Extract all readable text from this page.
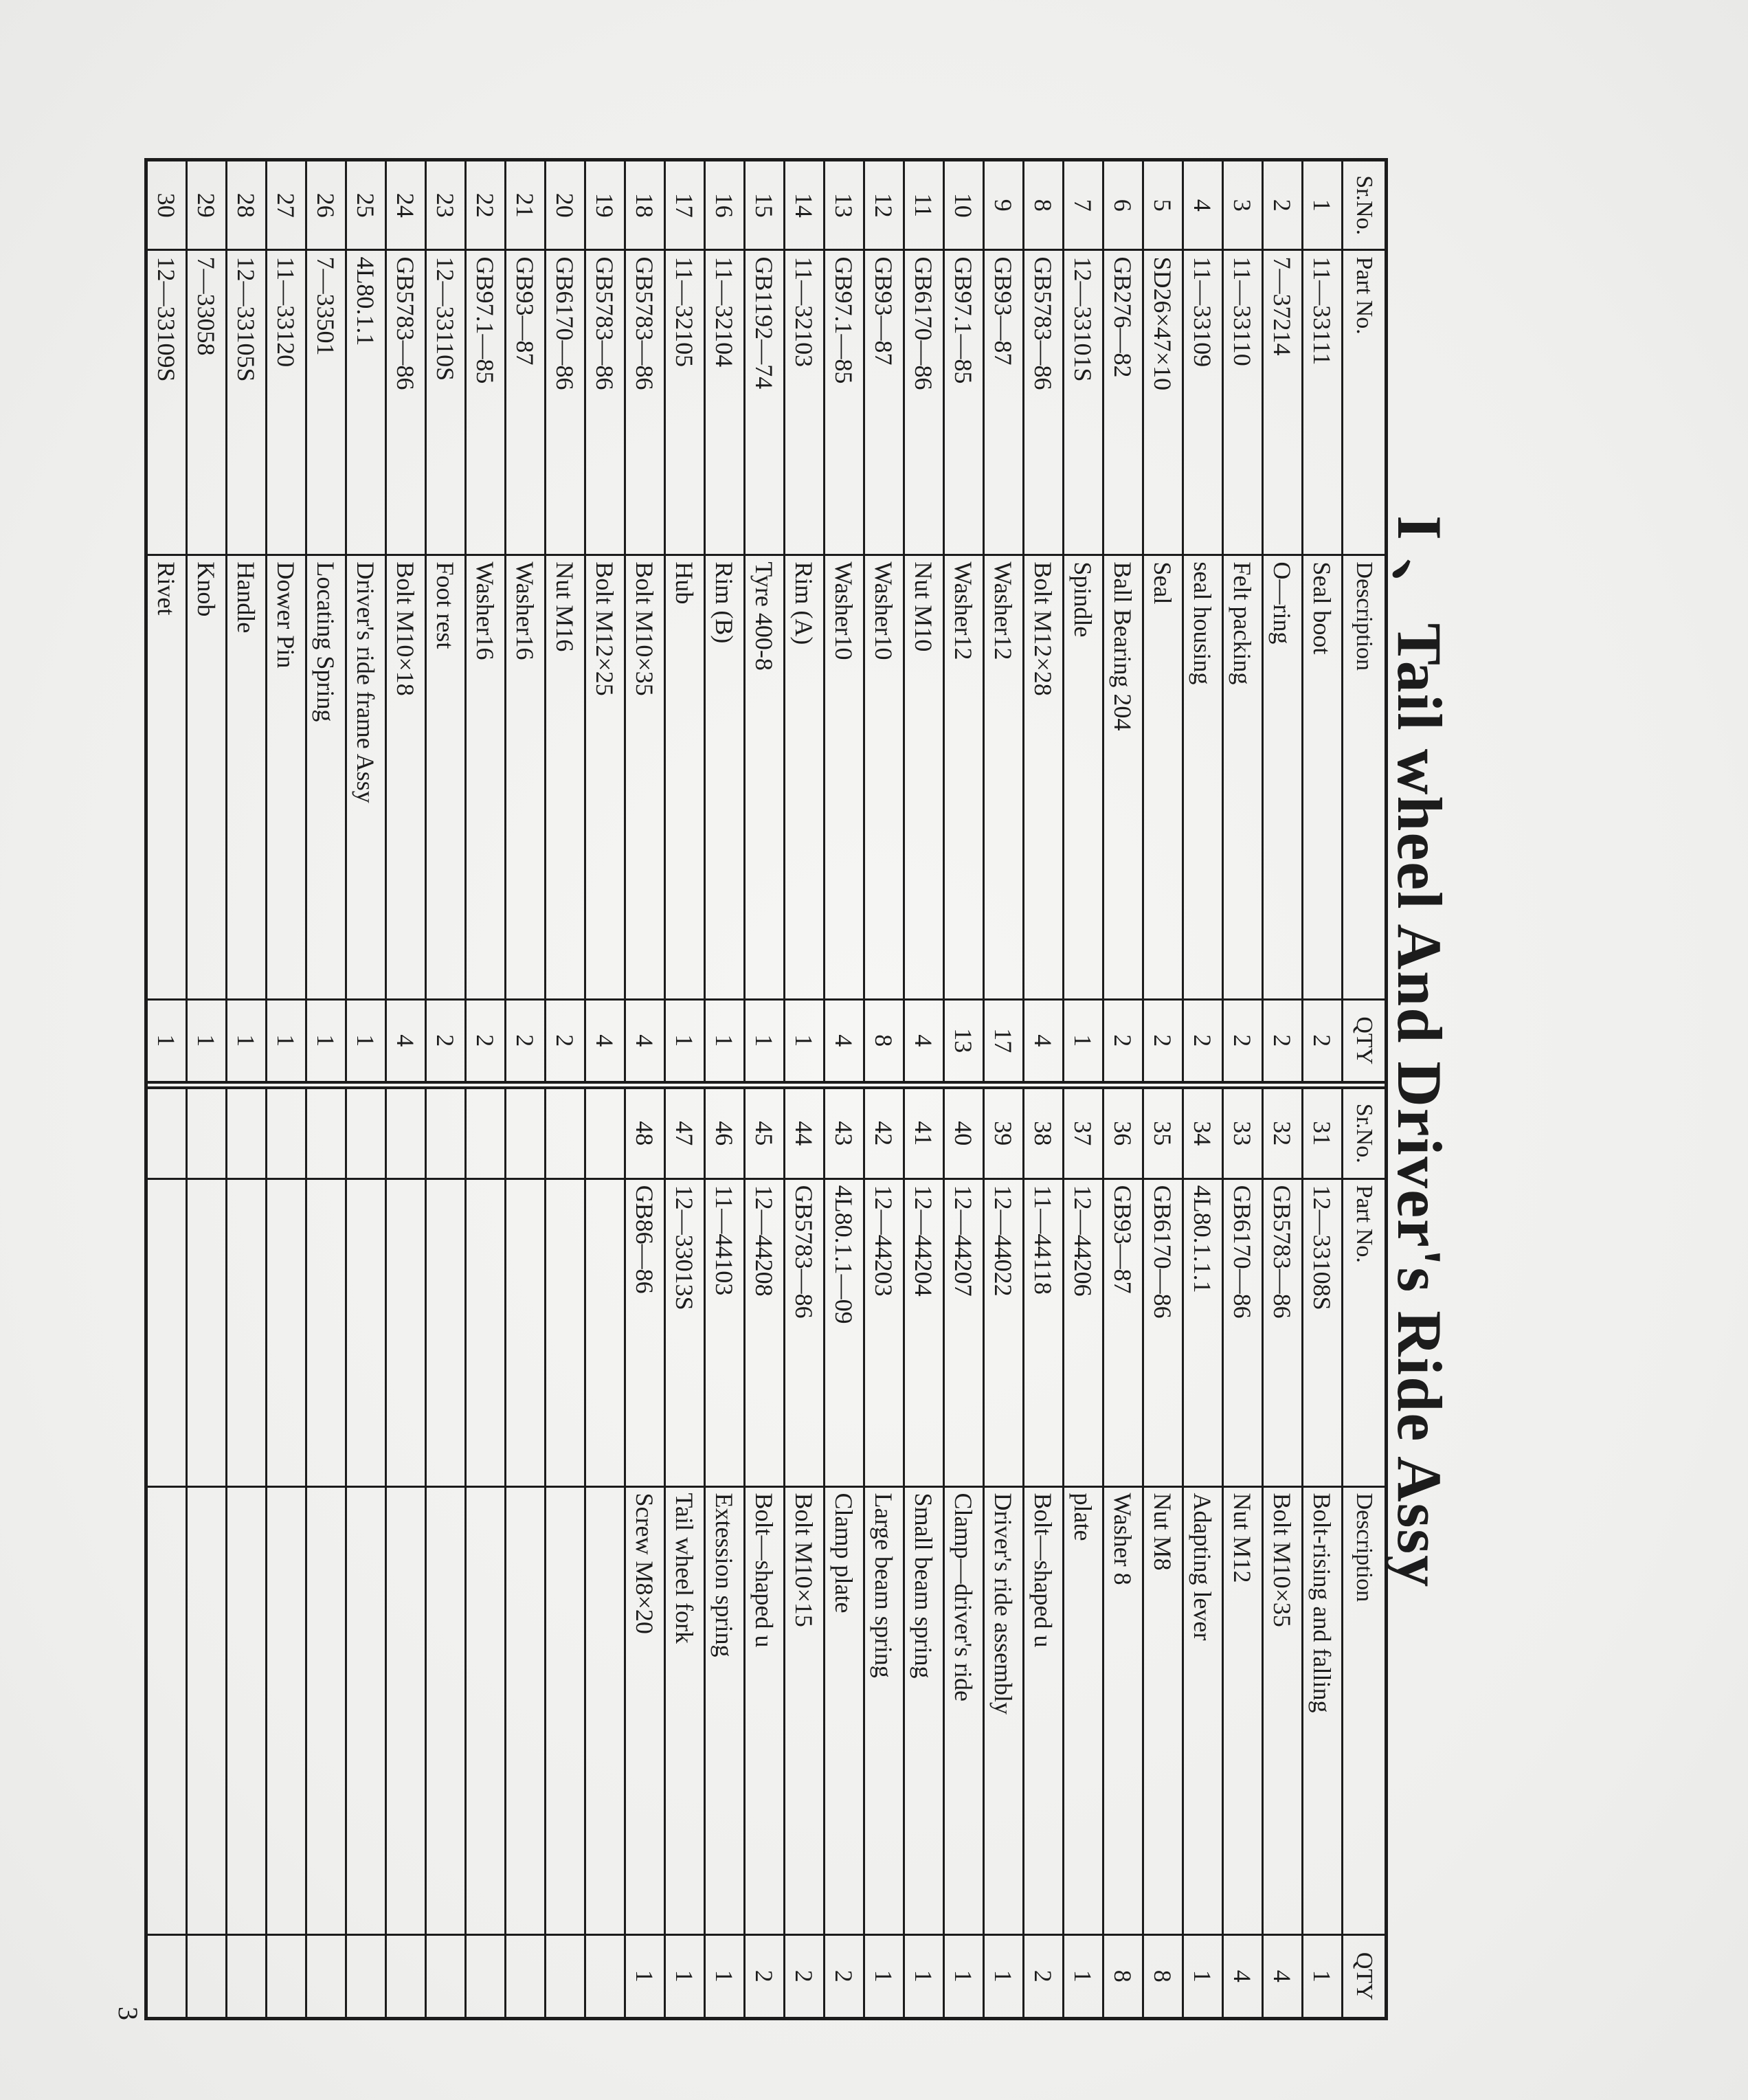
I 、Tail wheel And Driver's Ride Assy
Sr.No.	Part No.	Description	QTY
1	11—33111	Seal boot	2
2	7—37214	O—ring	2
3	11—33110	Felt packing	2
4	11—33109	seal housing	2
5	SD26×47×10	Seal	2
6	GB276—82	Ball Bearing 204	2
7	12—33101S	Spindle	1
8	GB5783—86	Bolt M12×28	4
9	GB93—87	Washer12	17
10	GB97.1—85	Washer12	13
11	GB6170—86	Nut M10	4
12	GB93—87	Washer10	8
13	GB97.1—85	Washer10	4
14	11—32103	Rim (A)	1
15	GB1192—74	Tyre 400-8	1
16	11—32104	Rim (B)	1
17	11—32105	Hub	1
18	GB5783—86	Bolt M10×35	4
19	GB5783—86	Bolt M12×25	4
20	GB6170—86	Nut M16	2
21	GB93—87	Washer16	2
22	GB97.1—85	Washer16	2
23	12—33110S	Foot rest	2
24	GB5783—86	Bolt M10×18	4
25	4L80.1.1	Driver's ride frame Assy	1
26	7—33501	Locating Spring	1
27	11—33120	Dower Pin	1
28	12—33105S	Handle	1
29	7—33058	Knob	1
30	12—33109S	Rivet	1
Sr.No.	Part No.	Description	QTY
31	12—33108S	Bolt-rising and falling	1
32	GB5783—86	Bolt M10×35	4
33	GB6170—86	Nut M12	4
34	4L80.1.1.1	Adapting lever	1
35	GB6170—86	Nut M8	8
36	GB93—87	Washer 8	8
37	12—44206	plate	1
38	11—44118	Bolt—shaped u	2
39	12—44022	Driver's ride assembly	1
40	12—44207	Clamp—driver's ride	1
41	12—44204	Small beam spring	1
42	12—44203	Large beam spring	1
43	4L80.1.1—09	Clamp plate	2
44	GB5783—86	Bolt M10×15	2
45	12—44208	Bolt—shaped u	2
46	11—44103	Extession spring	1
47	12—33013S	Tail wheel fork	1
48	GB86—86	Screw M8×20	1

3
